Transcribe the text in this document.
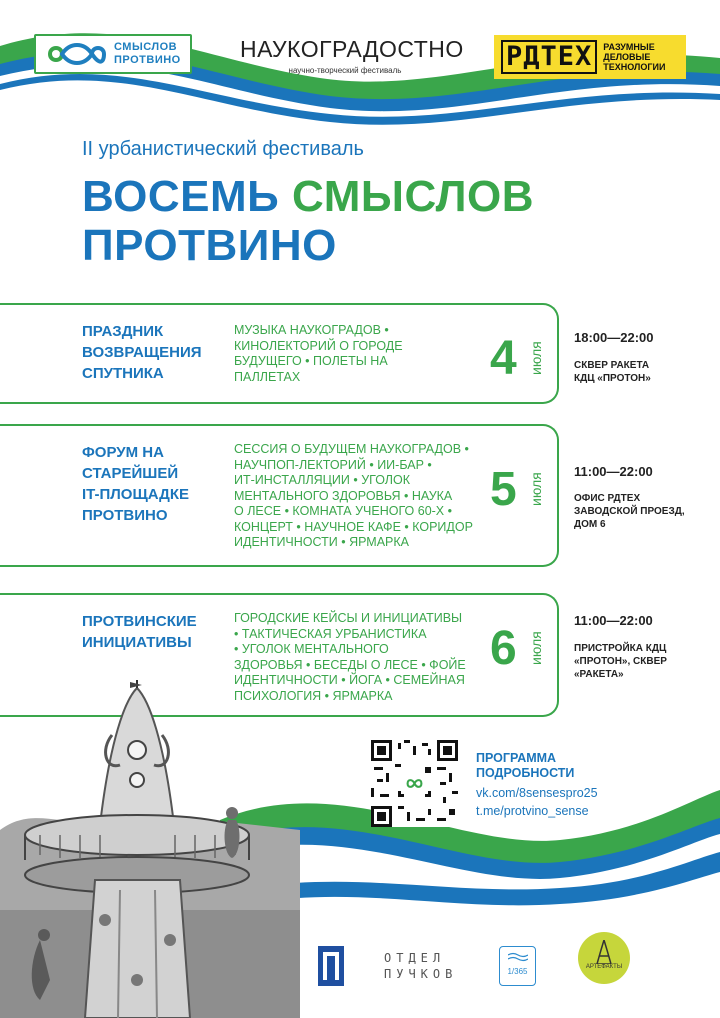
СМЫСЛОВ
ПРОТВИНО	НАУКОГРАДОСТНО
научно-творческий фестиваль	РДТЕХ	РАЗУМНЫЕ
ДЕЛОВЫЕ
ТЕХНОЛОГИИ
II урбанистический фестиваль
ВОСЕМЬ СМЫСЛОВ
ПРОТВИНО
ПРАЗДНИК
ВОЗВРАЩЕНИЯ
СПУТНИКА
МУЗЫКА НАУКОГРАДОВ •
КИНОЛЕКТОРИЙ О ГОРОДЕ
БУДУЩЕГО • ПОЛЕТЫ НА
ПАЛЛЕТАХ	4 июля
18:00—22:00
СКВЕР РАКЕТА
КДЦ «ПРОТОН»
ФОРУМ НА
СТАРЕЙШЕЙ
IT-ПЛОЩАДКЕ
ПРОТВИНО
СЕССИЯ О БУДУЩЕМ НАУКОГРАДОВ •
НАУЧПОП-ЛЕКТОРИЙ • ИИ-БАР •
ИТ-ИНСТАЛЛЯЦИИ • УГОЛОК
МЕНТАЛЬНОГО ЗДОРОВЬЯ • НАУКА
О ЛЕСЕ • КОМНАТА УЧЕНОГО 60-Х •
КОНЦЕРТ • НАУЧНОЕ КАФЕ • КОРИДОР
ИДЕНТИЧНОСТИ • ЯРМАРКА
5 июля
11:00—22:00
ОФИС РДТЕХ
ЗАВОДСКОЙ ПРОЕЗД,
ДОМ 6
ПРОТВИНСКИЕ
ИНИЦИАТИВЫ
ГОРОДСКИЕ КЕЙСЫ И ИНИЦИАТИВЫ
• ТАКТИЧЕСКАЯ УРБАНИСТИКА
• УГОЛОК МЕНТАЛЬНОГО
ЗДОРОВЬЯ • БЕСЕДЫ О ЛЕСЕ • ФОЙЕ
ИДЕНТИЧНОСТИ • ЙОГА • СЕМЕЙНАЯ
ПСИХОЛОГИЯ • ЯРМАРКА
6 июля
11:00—22:00
ПРИСТРОЙКА КДЦ
«ПРОТОН», СКВЕР
«РАКЕТА»
ПРОГРАММА
ПОДРОБНОСТИ
vk.com/8sensespro25
t.me/protvino_sense
ОТДЕЛ
ПУЧКОВ	1/365	АРТЕФАКТЫ
